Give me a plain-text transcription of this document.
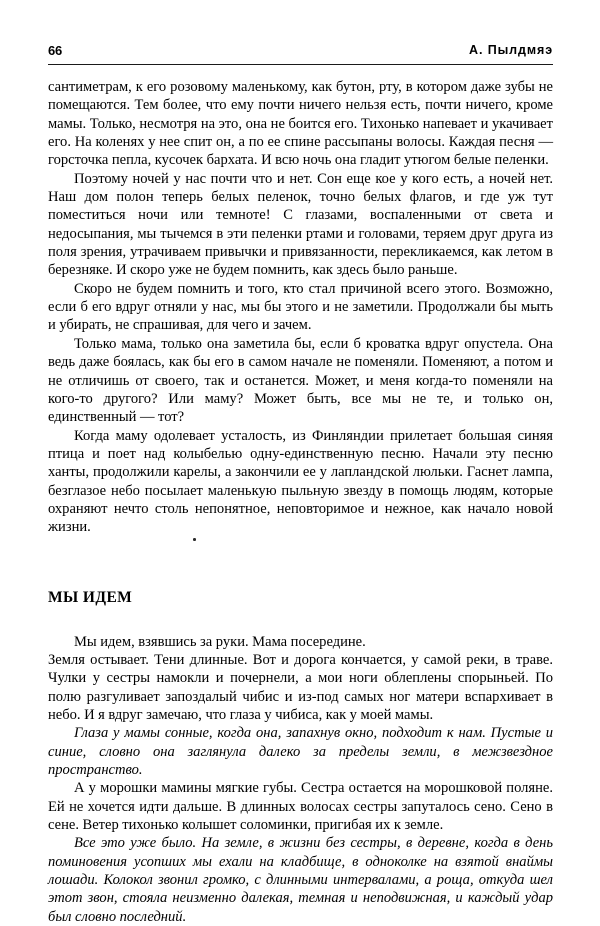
66	А. Пылдмяэ

сантиметрам, к его розовому маленькому, как бутон, рту, в котором даже зубы не помещаются. Тем более, что ему почти ничего нельзя есть, почти ничего, кроме мамы. Только, несмотря на это, она не боится его. Тихонько напевает и укачивает его. На коленях у нее спит он, а по ее спине рассыпаны волосы. Каждая песня — горсточка пепла, кусочек бархата. И всю ночь она гладит утюгом белые пеленки.

Поэтому ночей у нас почти что и нет. Сон еще кое у кого есть, а ночей нет. Наш дом полон теперь белых пеленок, точно белых флагов, и где уж тут поместиться ночи или темноте! С глазами, воспаленными от света и недосыпания, мы тычемся в эти пеленки ртами и головами, теряем друг друга из поля зрения, утрачиваем привычки и привязанности, перекликаемся, как летом в березняке. И скоро уже не будем помнить, как здесь было раньше.

Скоро не будем помнить и того, кто стал причиной всего этого. Возможно, если б его вдруг отняли у нас, мы бы этого и не заметили. Продолжали бы мыть и убирать, не спрашивая, для чего и зачем.

Только мама, только она заметила бы, если б кроватка вдруг опустела. Она ведь даже боялась, как бы его в самом начале не поменяли. Поменяют, а потом и не отличишь от своего, так и останется. Может, и меня когда-то поменяли на кого-то другого? Или маму? Может быть, все мы не те, и только он, единственный — тот?

Когда маму одолевает усталость, из Финляндии прилетает большая синяя птица и поет над колыбелью одну-единственную песню. Начали эту песню ханты, продолжили карелы, а закончили ее у лапландской люльки. Гаснет лампа, безглазое небо посылает маленькую пыльную звезду в помощь людям, которые охраняют нечто столь непонятное, неповторимое и нежное, как начало новой жизни.

МЫ ИДЕМ

Мы идем, взявшись за руки. Мама посередине.

Земля остывает. Тени длинные. Вот и дорога кончается, у самой реки, в траве. Чулки у сестры намокли и почернели, а мои ноги облеплены спорыньей. По полю разгуливает запоздалый чибис и из-под самых ног матери вспархивает в небо. И я вдруг замечаю, что глаза у чибиса, как у моей мамы.

Глаза у мамы сонные, когда она, запахнув окно, подходит к нам. Пустые и синие, словно она заглянула далеко за пределы земли, в межзвездное пространство.

А у морошки мамины мягкие губы. Сестра остается на морошковой поляне. Ей не хочется идти дальше. В длинных волосах сестры запуталось сено. Сено в сене. Ветер тихонько колышет соломинки, пригибая их к земле.

Все это уже было. На земле, в жизни без сестры, в деревне, когда в день поминовения усопших мы ехали на кладбище, в одноколке на взятой внаймы лошади. Колокол звонил громко, с длинными интервалами, а роща, откуда шел этот звон, стояла неизменно далекая, темная и неподвижная, и каждый удар был словно последний.
